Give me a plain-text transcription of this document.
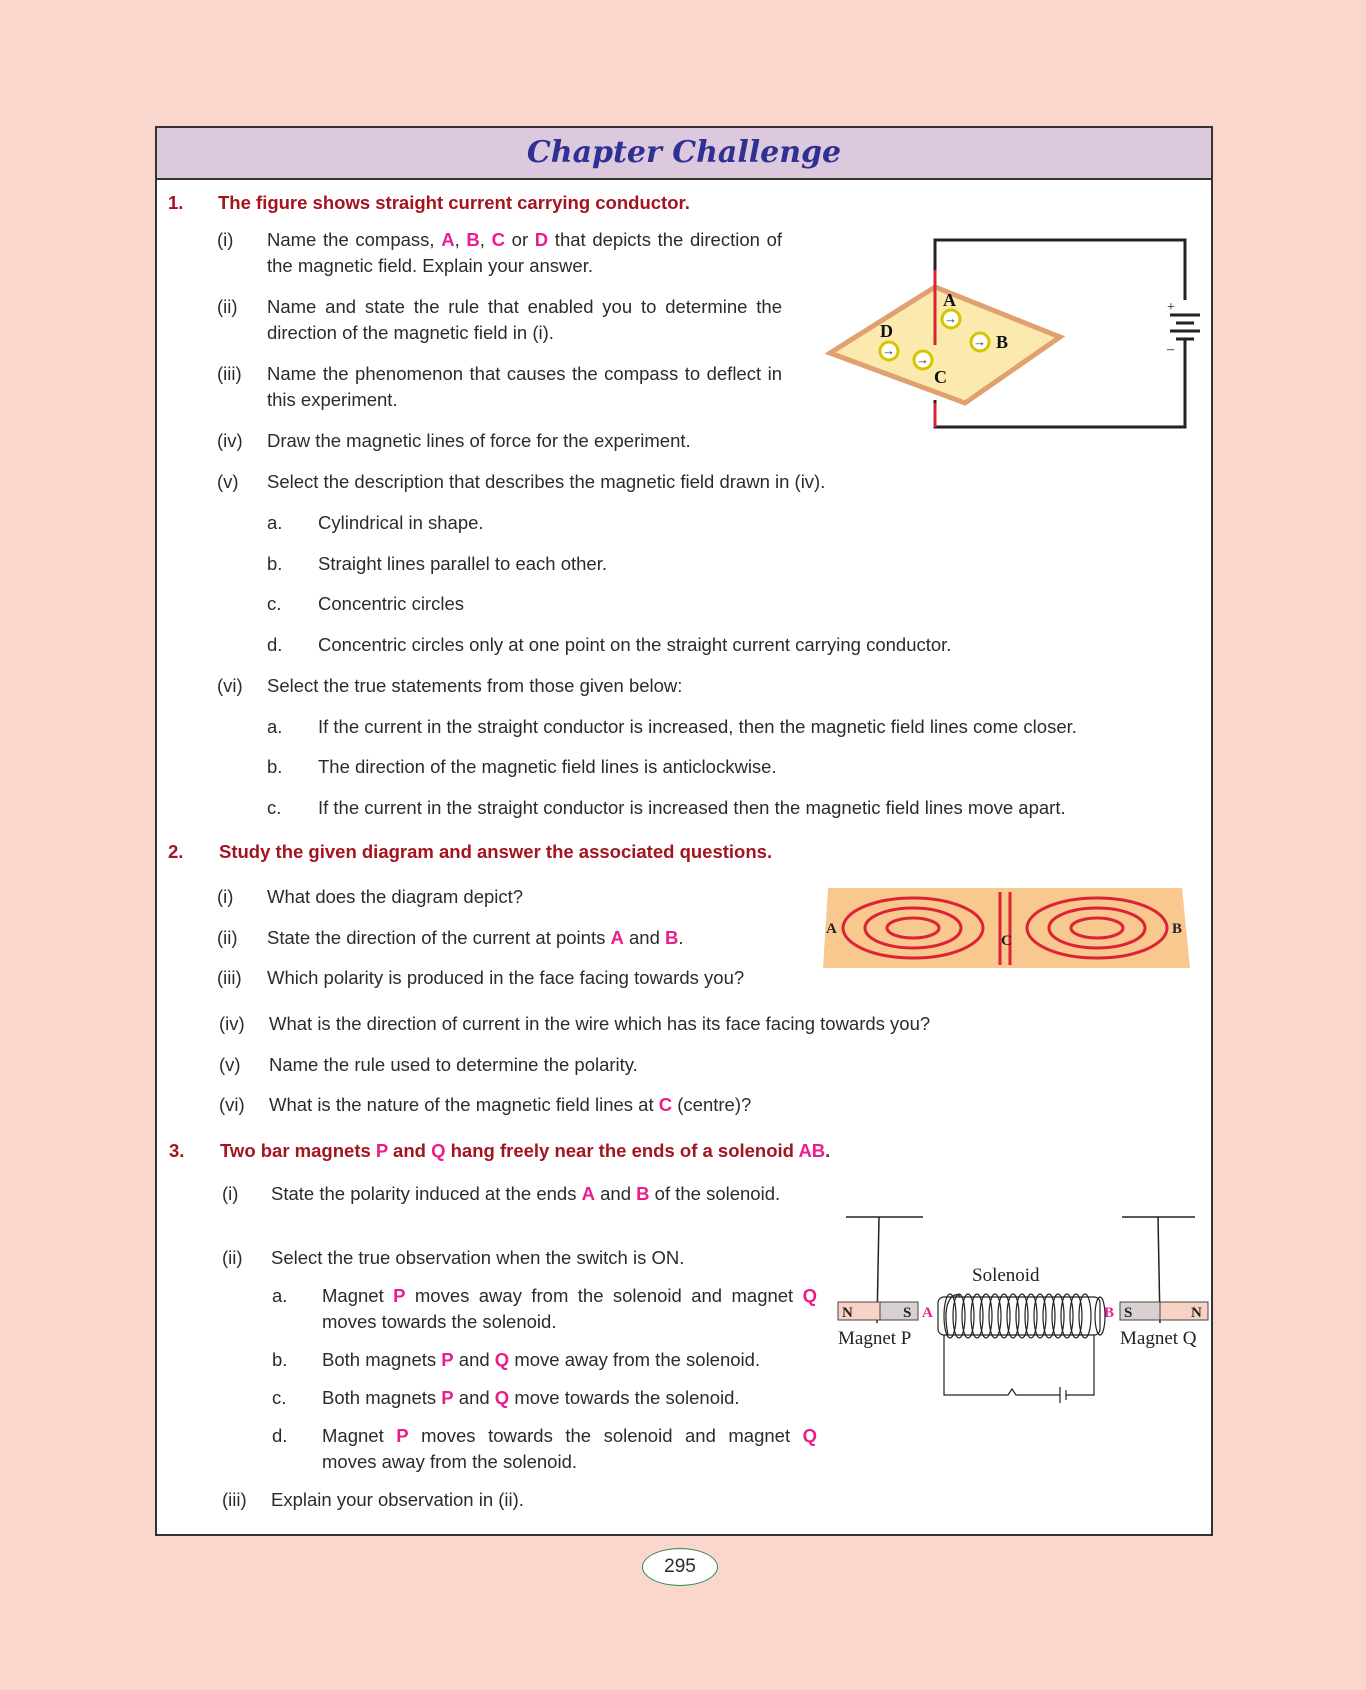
Chapter Challenge
1. The figure shows straight current carrying conductor.
(i) Name the compass, A, B, C or D that depicts the direction of the magnetic field. Explain your answer.
(ii) Name and state the rule that enabled you to determine the direction of the magnetic field in (i).
(iii) Name the phenomenon that causes the compass to deflect in this experiment.
(iv) Draw the magnetic lines of force for the experiment.
(v) Select the description that describes the magnetic field drawn in (iv).
a. Cylindrical in shape.
b. Straight lines parallel to each other.
c. Concentric circles
d. Concentric circles only at one point on the straight current carrying conductor.
(vi) Select the true statements from those given below:
a. If the current in the straight conductor is increased, then the magnetic field lines come closer.
b. The direction of the magnetic field lines is anticlockwise.
c. If the current in the straight conductor is increased then the magnetic field lines move apart.
+
–
→
→
→
→
A
B
C
D
2. Study the given diagram and answer the associated questions.
(i) What does the diagram depict?
(ii) State the direction of the current at points A and B.
(iii) Which polarity is produced in the face facing towards you?
(iv) What is the direction of current in the wire which has its face facing towards you?
(v) Name the rule used to determine the polarity.
(vi) What is the nature of the magnetic field lines at C (centre)?
A	B
C
3. Two bar magnets P and Q hang freely near the ends of a solenoid AB.
(i) State the polarity induced at the ends A and B of the solenoid.
(ii) Select the true observation when the switch is ON.
a. Magnet P moves away from the solenoid and magnet Q moves towards the solenoid.
b. Both magnets P and Q move away from the solenoid.
c. Both magnets P and Q move towards the solenoid.
d. Magnet P moves towards the solenoid and magnet Q moves away from the solenoid.
(iii) Explain your observation in (ii).
N	S	S	N
A	B
Solenoid
Magnet P	Magnet Q
295
